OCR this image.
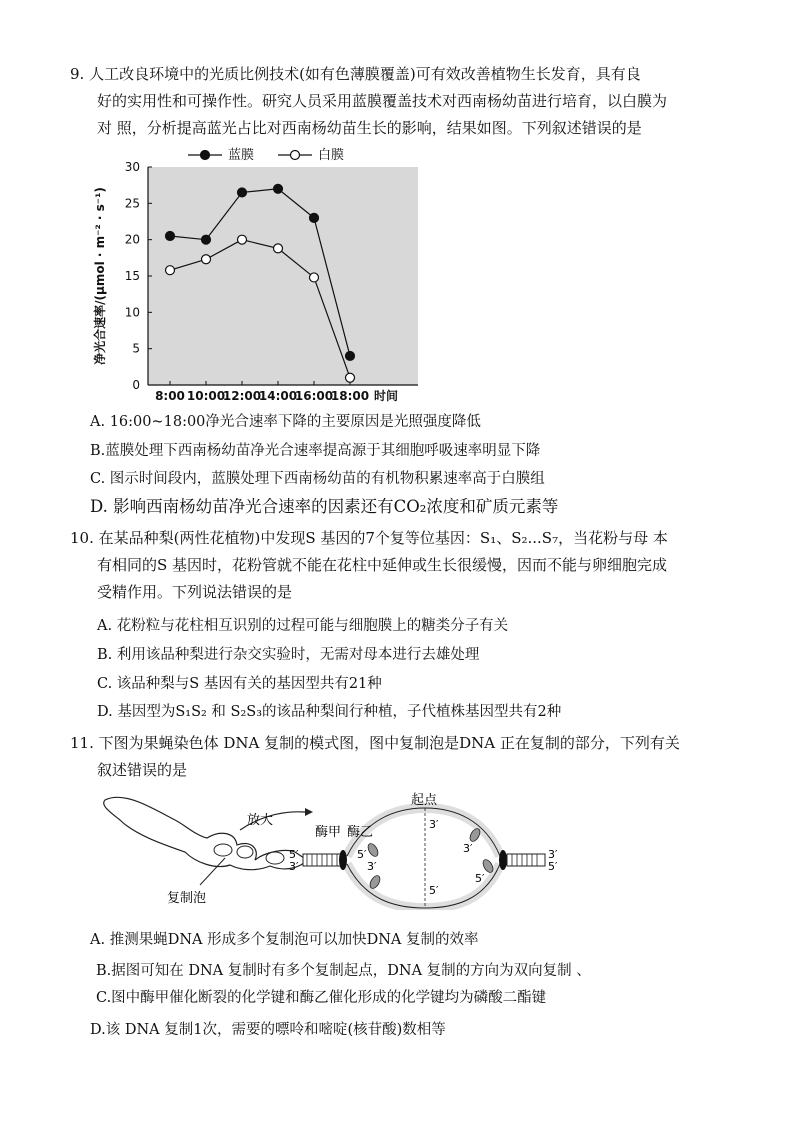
9. 人工改良环境中的光质比例技术(如有色薄膜覆盖)可有效改善植物生长发育，具有良
好的实用性和可操作性。研究人员采用蓝膜覆盖技术对西南杨幼苗进行培育，以白膜为
对 照，分析提高蓝光占比对西南杨幼苗生长的影响，结果如图。下列叙述错误的是
0
5
10
15
20
25
30
8:00 10:00
12:00
14:00
16:00
18:00 时间
净光合速率/(μmol · m⁻² · s⁻¹)
蓝膜	白膜
A. 16:00~18:00净光合速率下降的主要原因是光照强度降低
B.蓝膜处理下西南杨幼苗净光合速率提高源于其细胞呼吸速率明显下降
C. 图示时间段内，蓝膜处理下西南杨幼苗的有机物积累速率高于白膜组
D. 影响西南杨幼苗净光合速率的因素还有CO₂浓度和矿质元素等
10. 在某品种梨(两性花植物)中发现S 基因的7个复等位基因：S₁、S₂...S₇，当花粉与母 本
有相同的S 基因时，花粉管就不能在花柱中延伸或生长很缓慢，因而不能与卵细胞完成
受精作用。下列说法错误的是
A. 花粉粒与花柱相互识别的过程可能与细胞膜上的糖类分子有关
B. 利用该品种梨进行杂交实验时，无需对母本进行去雄处理
C. 该品种梨与S 基因有关的基因型共有21种
D. 基因型为S₁S₂ 和 S₂S₃的该品种梨间行种植，子代植株基因型共有2种
11. 下图为果蝇染色体 DNA 复制的模式图，图中复制泡是DNA 正在复制的部分，下列有关
叙述错误的是
复制泡
放大
酶甲 酶乙
起点
5′
3′
3′
5′
3′
5′
5′
3′
3′
5′
A. 推测果蝇DNA 形成多个复制泡可以加快DNA 复制的效率
B.据图可知在 DNA 复制时有多个复制起点，DNA 复制的方向为双向复制 、
C.图中酶甲催化断裂的化学键和酶乙催化形成的化学键均为磷酸二酯键
D.该 DNA 复制1次，需要的嘌呤和嘧啶(核苷酸)数相等
